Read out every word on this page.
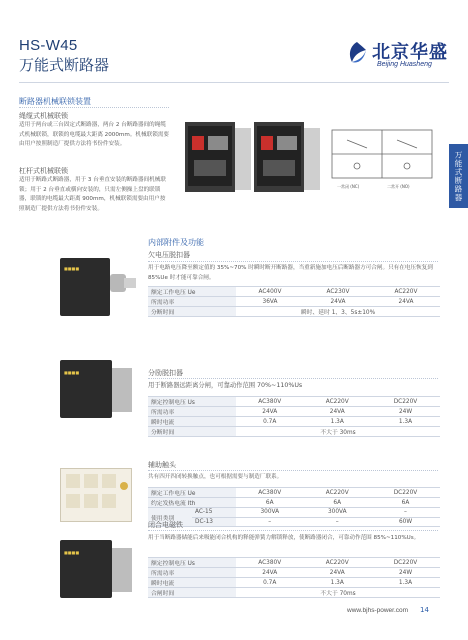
HS-W45
万能式断路器
北京华盛
Beijing Huasheng
万能式断路器
断路器机械联锁装置
绳缆式机械联锁
适用于两台或三台固定式断路器，两台 2 台断路器间的绳缆式机械联锁，联锁的电缆最大距离 2000mm。机械联锁需要由用户按照制造厂提供方法将书份件安装。
杠杆式机械联锁
适用于断路式断路器，用于 3 台垂直安装的断路器间机械联锁；用于 2 台垂直或横向安装的，只需左侧操上盘的联锁器，联锁的电缆最大距离 900mm，机械联锁需要由用户按照制造厂提供方法将书份件安装。
一常闭 (NC)	二常开 (NO)
内部附件及功能
■■■■
欠电压脱扣器
用于电路电压降至额定值的 35%~70% 时瞬时断开断路器，当重新施加电压后断路器方可合闸。只有在电压恢复到 85%Ue 时才能可靠合闸。
额定工作电压 Ue	AC400V	AC230V	AC220V
所需功率	36VA	24VA	24VA
分断时间	瞬时、延时 1、3、5s±10%		
■■■■	分励脱扣器
用于断路器远距离分闸，可靠动作范围 70%~110%Us
额定控制电压 Us	AC380V	AC220V	DC220V
所需功率	24VA	24VA	24W
瞬时电流	0.7A	1.3A	1.3A
分断时间	不大于 30ms		
辅助触头
共有四开四闭转换触点，也可根据需要与制造厂联系。
额定工作电压 Ue		AC380V	AC220V	DC220V
约定发热电流 Ith		6A	6A	6A
使用类别	AC-15	300VA	300VA	–
	DC-13	–	–	60W
■■■■
闭合电磁铁
用于当断路器储能后来吸能闭合机构的释能弹簧力解锁释放，使断路器闭合，可靠动作范围 85%~110%Us。
额定控制电压 Us	AC380V	AC220V	DC220V
所需功率	24VA	24VA	24W
瞬时电流	0.7A	1.3A	1.3A
合闸时间	不大于 70ms		
www.bjhs-power.com 14
